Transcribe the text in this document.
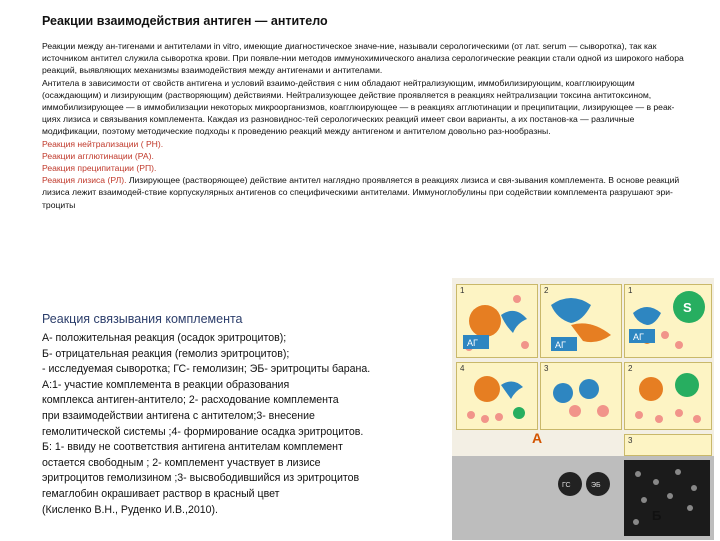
Реакции взаимодействия антиген — антитело

Реакции между ан-тигенами и антителами in vitro, имеющие диагностическое значе-ние, называли серологическими (от лат. serum — сыворотка), так как источником антител служила сыворотка крови. При появле-нии методов иммунохимического анализа серологические реакции стали одной из широкого набора реакций, выявляющих механизмы взаимодействия между антигенами и антителами.

Антитела в зависимости от свойств антигена и условий взаимо-действия с ним обладают нейтрализующим, иммобилизирующим, коагглюирующим (осаждающим) и лизирующим (растворяющим) действиями. Нейтрализующее действие проявляется в реакциях нейтрализации токсина антитоксином, иммобилизирующее — в иммобилизации некоторых микроорганизмов, коагглюирующее — в реакциях агглютинации и преципитации, лизирующее — в реак-циях лизиса и связывания комплемента. Каждая из разновиднос-тей серологических реакций имеет свои варианты, а их постанов-ка — различные модификации, поэтому методические подходы к проведению реакций между антигеном и антителом довольно раз-нообразны.

Реакция нейтрализации ( РН).

Реакции агглютинации (РА).

Реакция преципитации (РП).

Реакция лизиса (РЛ). Лизирующее (растворяющее) действие антител наглядно проявляется в реакциях лизиса и свя-зывания комплемента. В основе реакций лизиса лежит взаимодей-ствие корпускулярных антигенов со специфическими антителами. Иммуноглобулины при содействии комплемента разрушают эри-троциты

Реакция связывания комплемента

А- положительная реакция (осадок эритроцитов);

Б- отрицательная реакция (гемолиз эритроцитов);

- исследуемая сыворотка; ГС- гемолизин; ЭБ- эритроциты барана.

А:1- участие комплемента в реакции образования

комплекса антиген-антитело; 2- расходование комплемента

при взаимодействии антигена с антителом;3- внесение

гемолитической системы ;4- формирование осадка эритроцитов.

Б: 1- ввиду не соответствия антигена антителам комплемент

остается свободным ; 2- комплемент участвует в лизисе

эритроцитов гемолизином ;3- высвободившийся из эритроцитов

гемаглобин окрашивает раствор в красный цвет

(Кисленко В.Н., Руденко И.В.,2010).

1
АГ
2
АГ
1
S
АГ
4	3	2
А	3
ГС	ЭБ
Б
